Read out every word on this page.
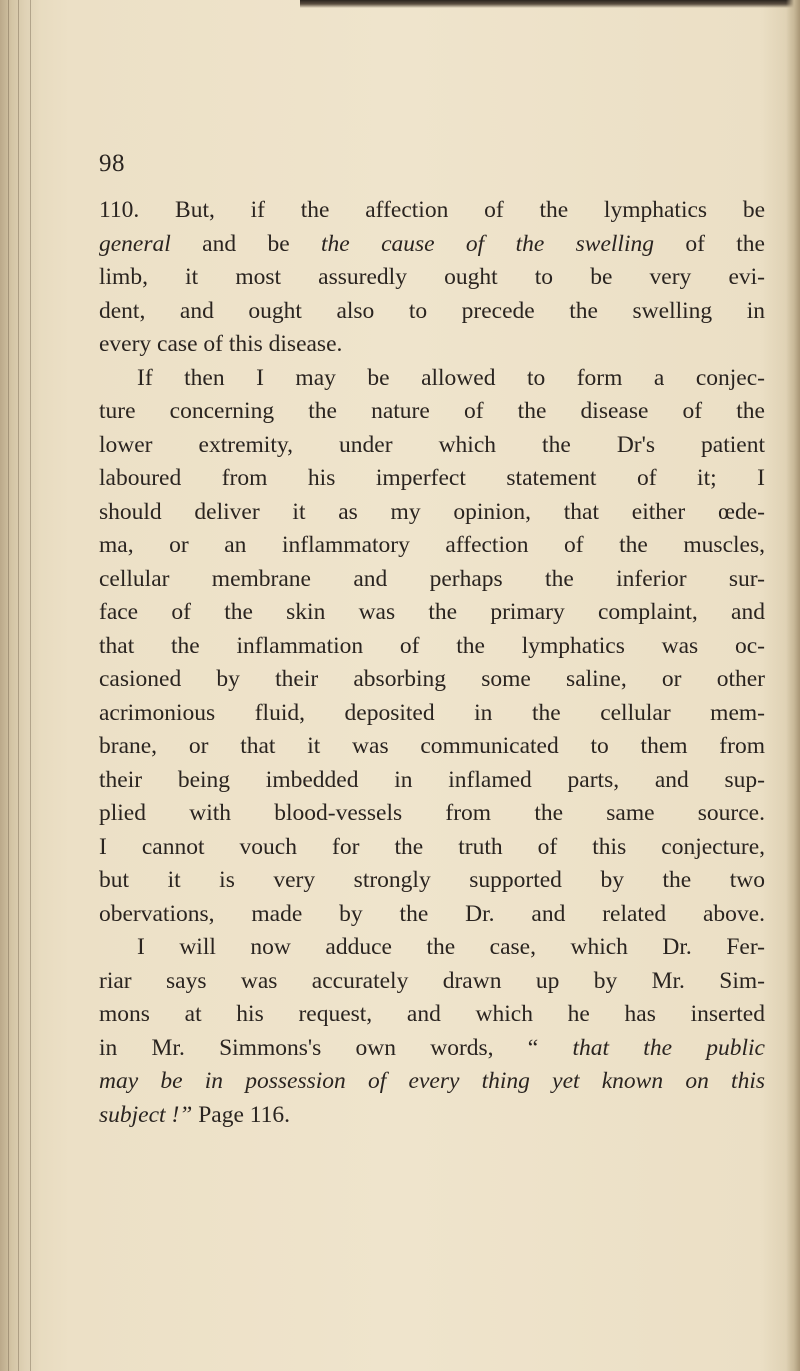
98
110. But, if the affection of the lymphatics be
general and be the cause of the swelling of the
limb, it most assuredly ought to be very evi-
dent, and ought also to precede the swelling in
every case of this disease.
If then I may be allowed to form a conjec-
ture concerning the nature of the disease of the
lower extremity, under which the Dr's patient
laboured from his imperfect statement of it; I
should deliver it as my opinion, that either œde-
ma, or an inflammatory affection of the muscles,
cellular membrane and perhaps the inferior sur-
face of the skin was the primary complaint, and
that the inflammation of the lymphatics was oc-
casioned by their absorbing some saline, or other
acrimonious fluid, deposited in the cellular mem-
brane, or that it was communicated to them from
their being imbedded in inflamed parts, and sup-
plied with blood-vessels from the same source.
I cannot vouch for the truth of this conjecture,
but it is very strongly supported by the two
obervations, made by the Dr. and related above.
I will now adduce the case, which Dr. Fer-
riar says was accurately drawn up by Mr. Sim-
mons at his request, and which he has inserted
in Mr. Simmons's own words, “ that the public
may be in possession of every thing yet known on this
subject !” Page 116.
